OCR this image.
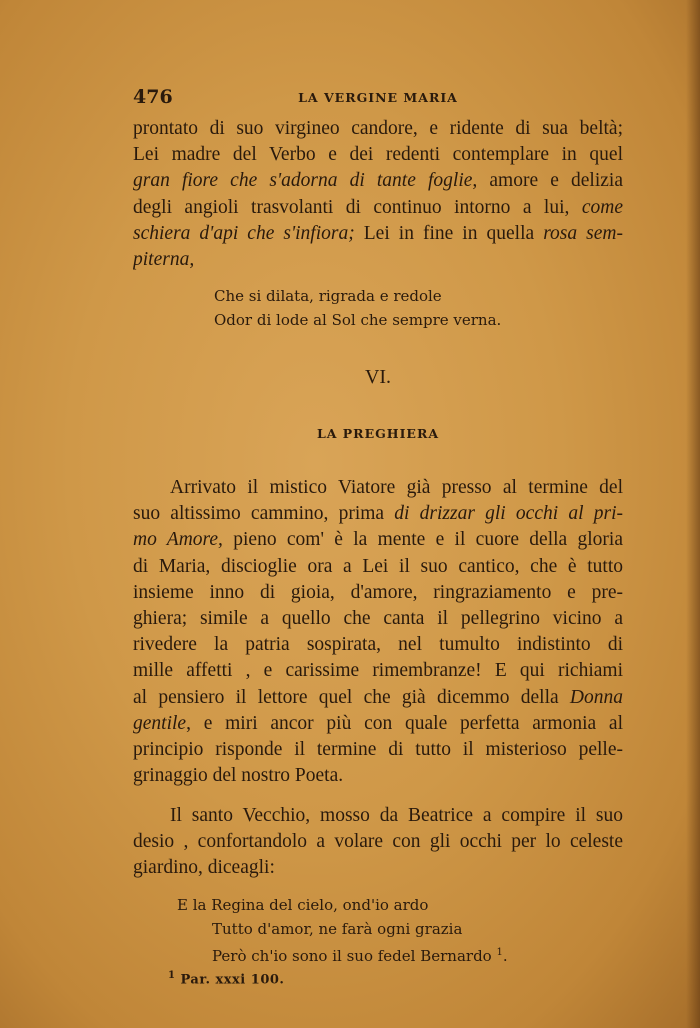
476	LA VERGINE MARIA
prontato di suo virgineo candore, e ridente di sua beltà;
Lei madre del Verbo e dei redenti contemplare in quel
gran fiore che s'adorna di tante foglie, amore e delizia
degli angioli trasvolanti di continuo intorno a lui, come
schiera d'api che s'infiora; Lei in fine in quella rosa sem-
piterna,
Che si dilata, rigrada e redole
Odor di lode al Sol che sempre verna.
VI.
LA PREGHIERA
Arrivato il mistico Viatore già presso al termine del
suo altissimo cammino, prima di drizzar gli occhi al pri-
mo Amore, pieno com' è la mente e il cuore della gloria
di Maria, discioglie ora a Lei il suo cantico, che è tutto
insieme inno di gioia, d'amore, ringraziamento e pre-
ghiera; simile a quello che canta il pellegrino vicino a
rivedere la patria sospirata, nel tumulto indistinto di
mille affetti , e carissime rimembranze! E qui richiami
al pensiero il lettore quel che già dicemmo della Donna
gentile, e miri ancor più con quale perfetta armonia al
principio risponde il termine di tutto il misterioso pelle-
grinaggio del nostro Poeta.
Il santo Vecchio, mosso da Beatrice a compire il suo
desio , confortandolo a volare con gli occhi per lo celeste
giardino, diceagli:
E la Regina del cielo, ond'io ardo
Tutto d'amor, ne farà ogni grazia
Però ch'io sono il suo fedel Bernardo $^1$.
$^1$ Par. xxxi 100.
